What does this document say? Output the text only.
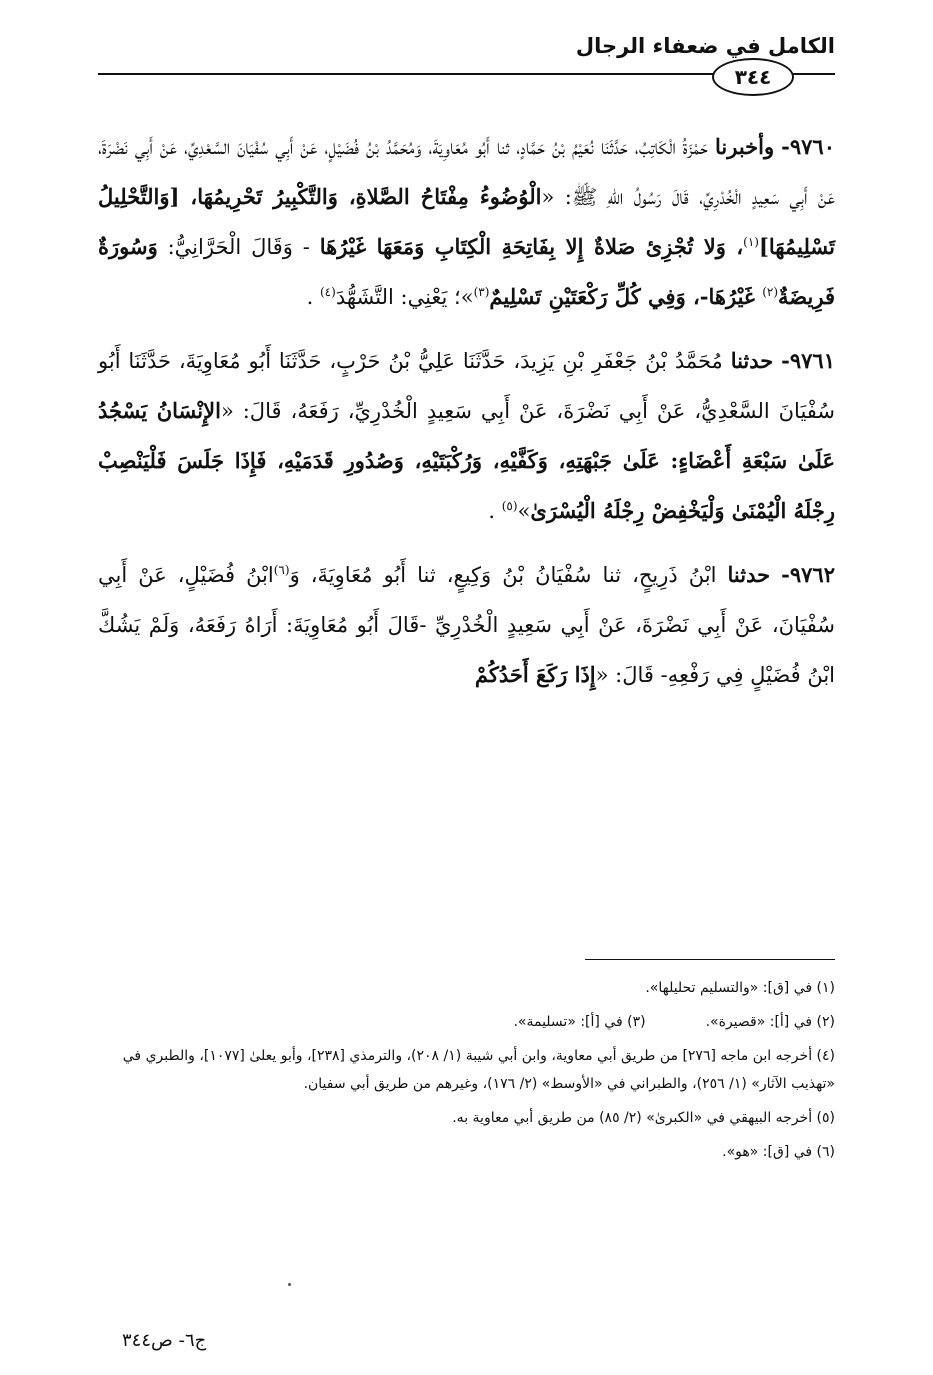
الكامل في ضعفاء الرجال
٣٤٤

٩٧٦٠- وأخبرنا حَمْزَةُ الْكَاتِبُ، حَدَّثَنَا نُعَيْمُ بْنُ حَمَّادٍ، ثنا أَبُو مُعَاوِيَةَ، وَمُحَمَّدُ بْنُ فُضَيْلٍ، عَنْ أَبِي سُفْيَانَ السَّعْدِيِّ، عَنْ أَبِي نَضْرَةَ، عَنْ أَبِي سَعِيدٍ الْخُدْرِيِّ، قَالَ رَسُولُ اللهِ ﷺ: «الْوُضُوءُ مِفْتَاحُ الصَّلاةِ، وَالتَّكْبِيرُ تَحْرِيمُهَا، [وَالتَّحْلِيلُ تَسْلِيمُهَا]$^{(١)}$، وَلا تُجْزِئ صَلاةٌ إِلا بِفَاتِحَةِ الْكِتَابِ وَمَعَهَا غَيْرُهَا - وَقَالَ الْحَرَّانِيُّ: وَسُورَةٌ فَرِيضَةٌ$^{(٢)}$ غَيْرُهَا-، وَفِي كُلِّ رَكْعَتَيْنِ تَسْلِيمٌ$^{(٣)}$»؛ يَعْنِي: التَّشَهُّدَ$^{(٤)}$ .

٩٧٦١- حدثنا مُحَمَّدُ بْنُ جَعْفَرِ بْنِ يَزِيدَ، حَدَّثَنَا عَلِيُّ بْنُ حَرْبٍ، حَدَّثَنَا أَبُو مُعَاوِيَةَ، حَدَّثَنَا أَبُو سُفْيَانَ السَّعْدِيُّ، عَنْ أَبِي نَضْرَةَ، عَنْ أَبِي سَعِيدٍ الْخُدْرِيِّ، رَفَعَهُ، قَالَ: «الإِنْسَانُ يَسْجُدُ عَلَىٰ سَبْعَةِ أَعْضَاءٍ: عَلَىٰ جَبْهَتِهِ، وَكَفَّيْهِ، وَرُكْبَتَيْهِ، وَصُدُورِ قَدَمَيْهِ، فَإِذَا جَلَسَ فَلْيَنْصِبْ رِجْلَهُ الْيُمْنَىٰ وَلْيَخْفِضْ رِجْلَهُ الْيُسْرَىٰ»$^{(٥)}$ .

٩٧٦٢- حدثنا ابْنُ ذَرِيحٍ، ثنا سُفْيَانُ بْنُ وَكِيعٍ، ثنا أَبُو مُعَاوِيَةَ، وَ$^{(٦)}$ابْنُ فُضَيْلٍ، عَنْ أَبِي سُفْيَانَ، عَنْ أَبِي نَضْرَةَ، عَنْ أَبِي سَعِيدٍ الْخُدْرِيِّ -قَالَ أَبُو مُعَاوِيَةَ: أَرَاهُ رَفَعَهُ، وَلَمْ يَشُكَّ ابْنُ فُضَيْلٍ فِي رَفْعِهِ- قَالَ: «إِذَا رَكَعَ أَحَدُكُمْ

(١) في [ق]: «والتسليم تحليلها».
(٢) في [أ]: «قصيرة».
(٣) في [أ]: «تسليمة».
(٤) أخرجه ابن ماجه [٢٧٦] من طريق أبي معاوية، وابن أبي شيبة (١/ ٢٠٨)، والترمذي [٢٣٨]، وأبو يعلىٰ [١٠٧٧]، والطبري في «تهذيب الآثار» (١/ ٢٥٦)، والطبراني في «الأوسط» (٢/ ١٧٦)، وغيرهم من طريق أبي سفيان.
(٥) أخرجه البيهقي في «الكبرىٰ» (٢/ ٨٥) من طريق أبي معاوية به.
(٦) في [ق]: «هو».
ج٦- ص٣٤٤
